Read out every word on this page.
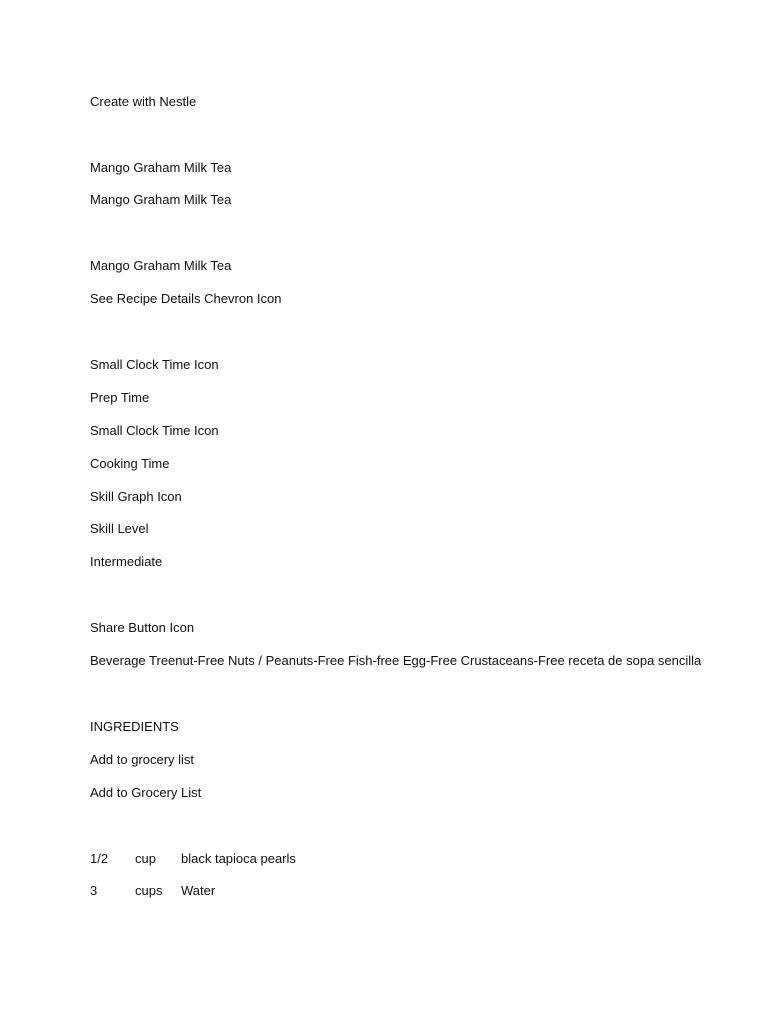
Create with Nestle
Mango Graham Milk Tea
Mango Graham Milk Tea
Mango Graham Milk Tea
See Recipe Details Chevron Icon
Small Clock Time Icon
Prep Time
Small Clock Time Icon
Cooking Time
Skill Graph Icon
Skill Level
Intermediate
Share Button Icon
Beverage Treenut-Free Nuts / Peanuts-Free Fish-free Egg-Free Crustaceans-Free receta de sopa sencilla
INGREDIENTS
Add to grocery list
Add to Grocery List
1/2 cup black tapioca pearls
3	cups Water
